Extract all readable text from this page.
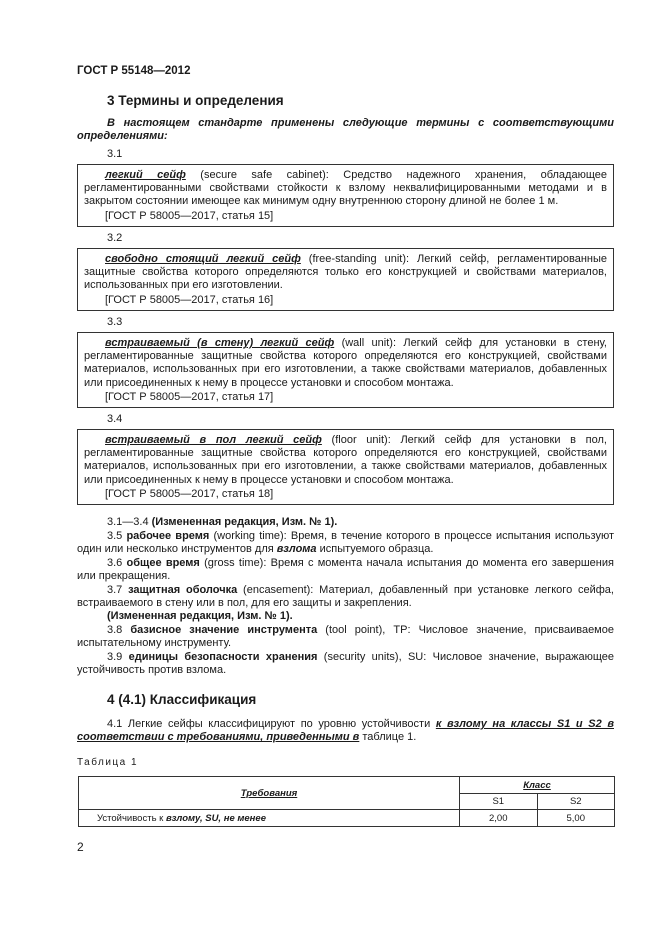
ГОСТ Р 55148—2012
3 Термины и определения
В настоящем стандарте применены следующие термины с соответствующими определениями:
3.1
легкий сейф (secure safe cabinet): Средство надежного хранения, обладающее регламентированными свойствами стойкости к взлому неквалифицированными методами и в закрытом состоянии имеющее как минимум одну внутреннюю сторону длиной не более 1 м.
[ГОСТ Р 58005—2017, статья 15]
3.2
свободно стоящий легкий сейф (free-standing unit): Легкий сейф, регламентированные защитные свойства которого определяются только его конструкцией и свойствами материалов, использованных при его изготовлении.
[ГОСТ Р 58005—2017, статья 16]
3.3
встраиваемый (в стену) легкий сейф (wall unit): Легкий сейф для установки в стену, регламентированные защитные свойства которого определяются его конструкцией, свойствами материалов, использованных при его изготовлении, а также свойствами материалов, добавленных или присоединенных к нему в процессе установки и способом монтажа.
[ГОСТ Р 58005—2017, статья 17]
3.4
встраиваемый в пол легкий сейф (floor unit): Легкий сейф для установки в пол, регламентированные защитные свойства которого определяются его конструкцией, свойствами материалов, использованных при его изготовлении, а также свойствами материалов, добавленных или присоединенных к нему в процессе установки и способом монтажа.
[ГОСТ Р 58005—2017, статья 18]
3.1—3.4 (Измененная редакция, Изм. № 1).
3.5 рабочее время (working time): Время, в течение которого в процессе испытания используют один или несколько инструментов для взлома испытуемого образца.
3.6 общее время (gross time): Время с момента начала испытания до момента его завершения или прекращения.
3.7 защитная оболочка (encasement): Материал, добавленный при установке легкого сейфа, встраиваемого в стену или в пол, для его защиты и закрепления.
(Измененная редакция, Изм. № 1).
3.8 базисное значение инструмента (tool point), TP: Числовое значение, присваиваемое испытательному инструменту.
3.9 единицы безопасности хранения (security units), SU: Числовое значение, выражающее устойчивость против взлома.
4 (4.1) Классификация
4.1 Легкие сейфы классифицируют по уровню устойчивости к взлому на классы S1 и S2 в соответствии с требованиями, приведенными в таблице 1.
Таблица 1
Требования	Класс	
	S1	S2
Устойчивость к взлому, SU, не менее	2,00	5,00
2
